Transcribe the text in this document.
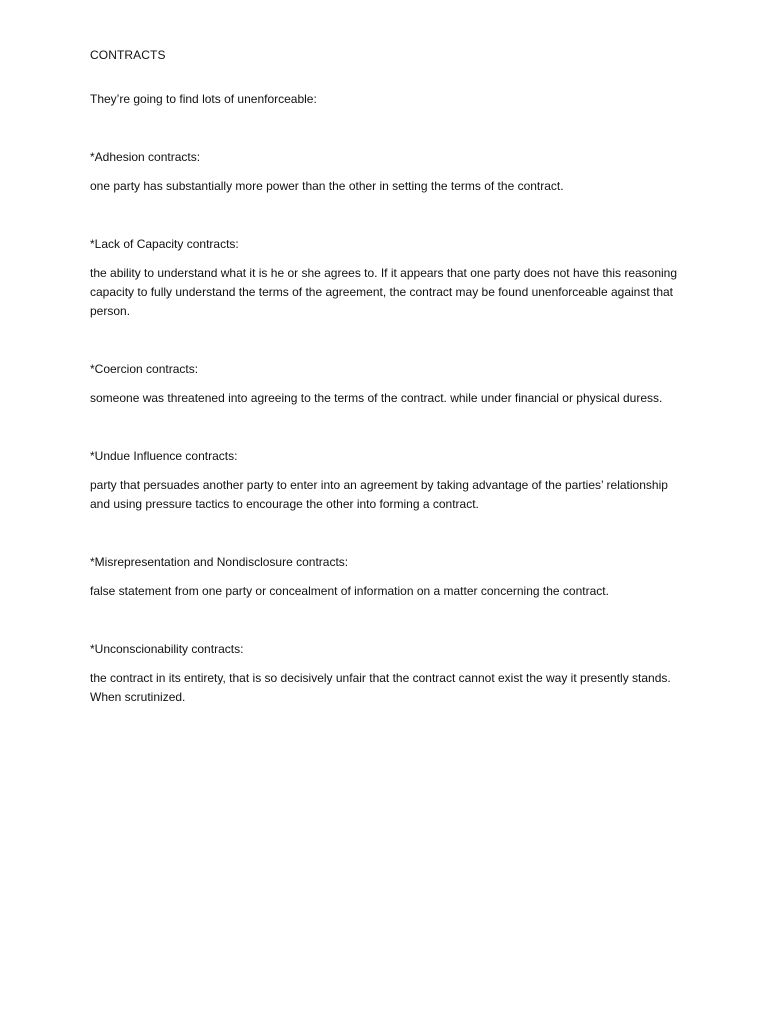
CONTRACTS

They’re going to find lots of unenforceable:

*Adhesion contracts:

one party has substantially more power than the other in setting the terms of the contract.

*Lack of Capacity contracts:

the ability to understand what it is he or she agrees to. If it appears that one party does not have this reasoning capacity to fully understand the terms of the agreement, the contract may be found unenforceable against that person.

*Coercion contracts:

someone was threatened into agreeing to the terms of the contract. while under financial or physical duress.

*Undue Influence contracts:

party that persuades another party to enter into an agreement by taking advantage of the parties’ relationship and using pressure tactics to encourage the other into forming a contract.

*Misrepresentation and Nondisclosure contracts:

false statement from one party or concealment of information on a matter concerning the contract.

*Unconscionability contracts:

the contract in its entirety, that is so decisively unfair that the contract cannot exist the way it presently stands. When scrutinized.
